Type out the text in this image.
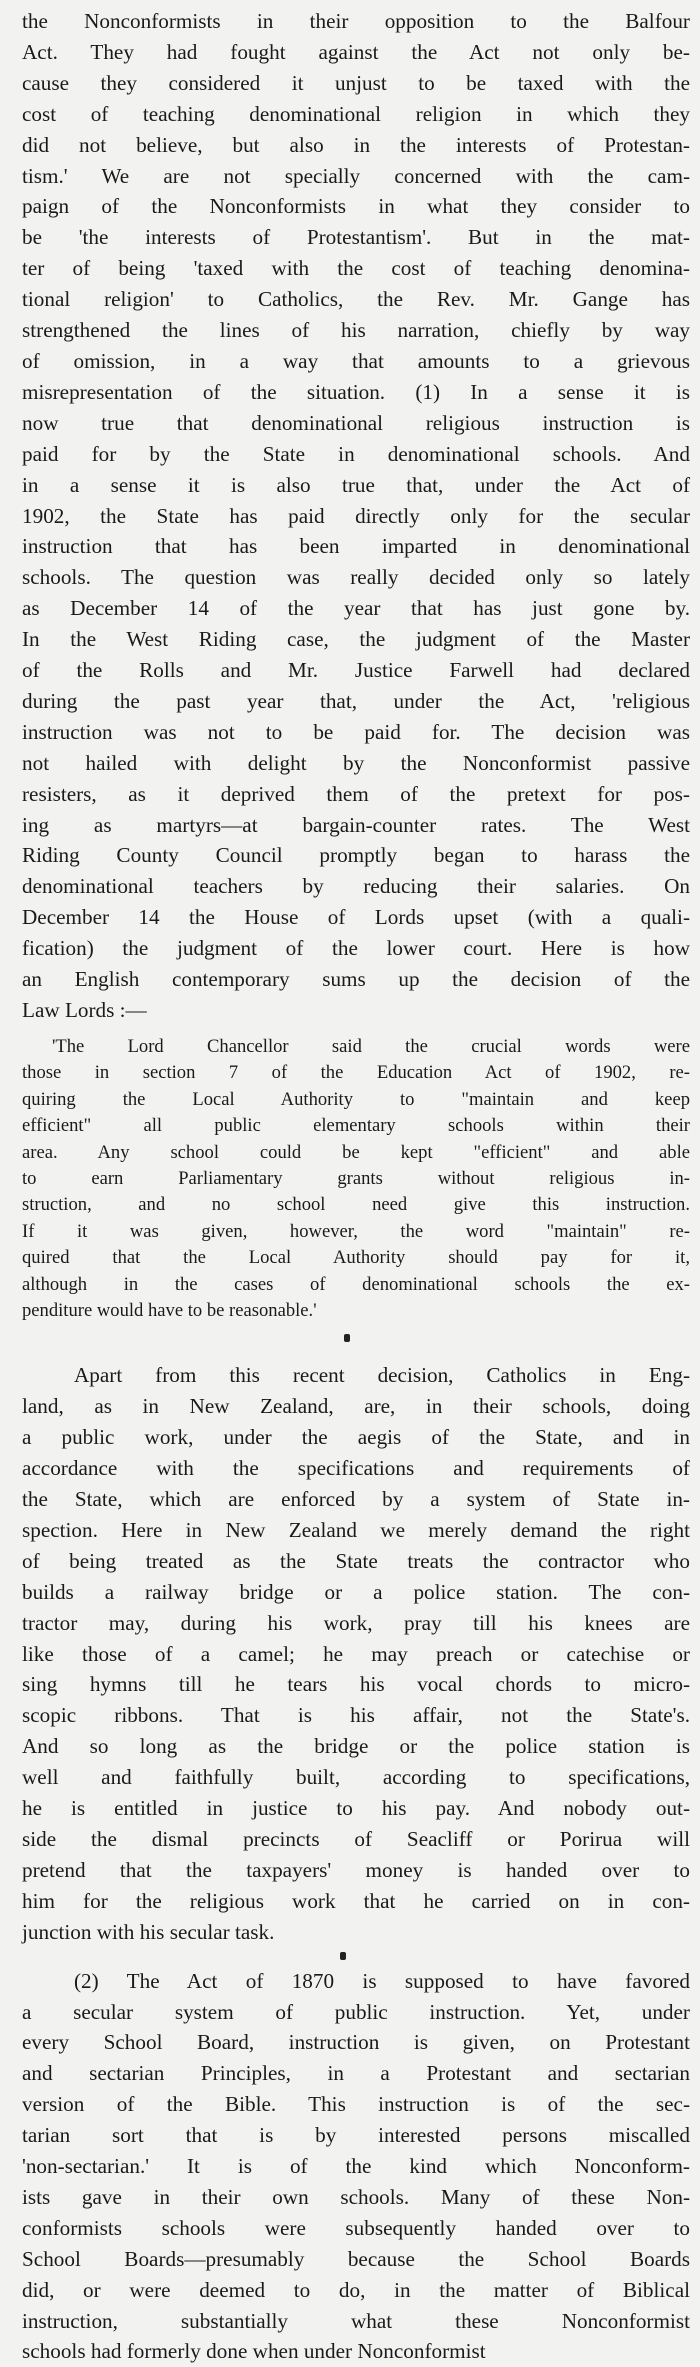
the Nonconformists in their opposition to the Balfour
Act. They had fought against the Act not only be-
cause they considered it unjust to be taxed with the
cost of teaching denominational religion in which they
did not believe, but also in the interests of Protestan-
tism.' We are not specially concerned with the cam-
paign of the Nonconformists in what they consider to
be 'the interests of Protestantism'. But in the mat-
ter of being 'taxed with the cost of teaching denomina-
tional religion' to Catholics, the Rev. Mr. Gange has
strengthened the lines of his narration, chiefly by way
of omission, in a way that amounts to a grievous
misrepresentation of the situation. (1) In a sense it is
now true that denominational religious instruction is
paid for by the State in denominational schools. And
in a sense it is also true that, under the Act of
1902, the State has paid directly only for the secular
instruction that has been imparted in denominational
schools. The question was really decided only so lately
as December 14 of the year that has just gone by.
In the West Riding case, the judgment of the Master
of the Rolls and Mr. Justice Farwell had declared
during the past year that, under the Act, 'religious
instruction was not to be paid for. The decision was
not hailed with delight by the Nonconformist passive
resisters, as it deprived them of the pretext for pos-
ing as martyrs—at bargain-counter rates. The West
Riding County Council promptly began to harass the
denominational teachers by reducing their salaries. On
December 14 the House of Lords upset (with a quali-
fication) the judgment of the lower court. Here is how
an English contemporary sums up the decision of the
Law Lords :—

'The Lord Chancellor said the crucial words were
those in section 7 of the Education Act of 1902, re-
quiring the Local Authority to "maintain and keep
efficient" all public elementary schools within their
area. Any school could be kept "efficient" and able
to earn Parliamentary grants without religious in-
struction, and no school need give this instruction.
If it was given, however, the word "maintain" re-
quired that the Local Authority should pay for it,
although in the cases of denominational schools the ex-
penditure would have to be reasonable.'

Apart from this recent decision, Catholics in Eng-
land, as in New Zealand, are, in their schools, doing
a public work, under the aegis of the State, and in
accordance with the specifications and requirements of
the State, which are enforced by a system of State in-
spection. Here in New Zealand we merely demand the right
of being treated as the State treats the contractor who
builds a railway bridge or a police station. The con-
tractor may, during his work, pray till his knees are
like those of a camel; he may preach or catechise or
sing hymns till he tears his vocal chords to micro-
scopic ribbons. That is his affair, not the State's.
And so long as the bridge or the police station is
well and faithfully built, according to specifications,
he is entitled in justice to his pay. And nobody out-
side the dismal precincts of Seacliff or Porirua will
pretend that the taxpayers' money is handed over to
him for the religious work that he carried on in con-
junction with his secular task.

(2) The Act of 1870 is supposed to have favored
a secular system of public instruction. Yet, under
every School Board, instruction is given, on Protestant
and sectarian Principles, in a Protestant and sectarian
version of the Bible. This instruction is of the sec-
tarian sort that is by interested persons miscalled
'non-sectarian.' It is of the kind which Nonconform-
ists gave in their own schools. Many of these Non-
conformists schools were subsequently handed over to
School Boards—presumably because the School Boards
did, or were deemed to do, in the matter of Biblical
instruction, substantially what these Nonconformist
schools had formerly done when under Nonconformist
